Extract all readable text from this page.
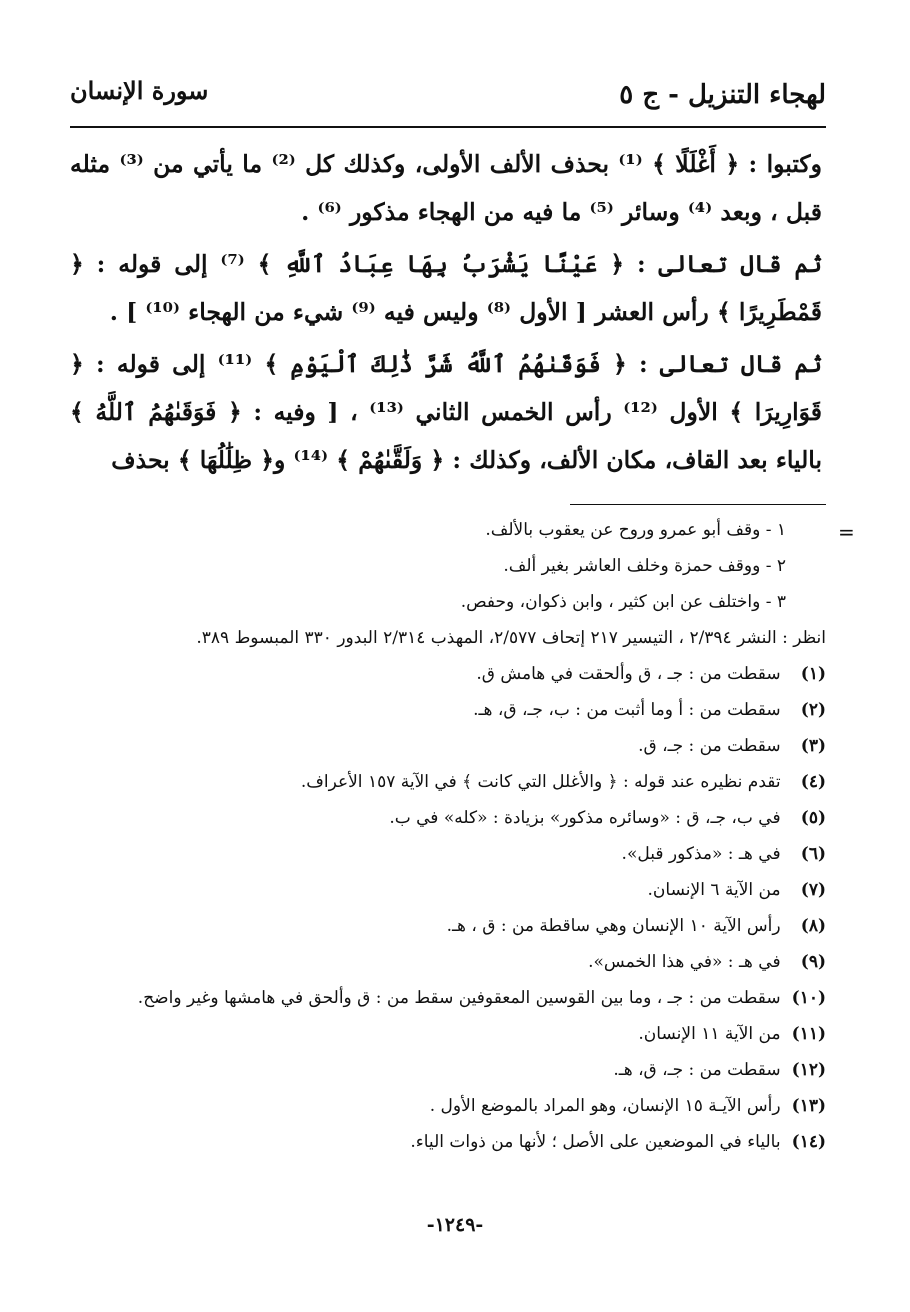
لهجاء التنزيل - ج ٥
سورة الإنسان

وكتبوا : ﴿ أَغْلَلًا ﴾ ⁽¹⁾ بحذف الألف الأولى، وكذلك كل ⁽²⁾ ما يأتي من ⁽³⁾ مثله قبل ، وبعد ⁽⁴⁾ وسائر ⁽⁵⁾ ما فيه من الهجاء مذكور ⁽⁶⁾ .

ثم قال تعالى : ﴿ عَيْنًا يَشْرَبُ بِهَا عِبَادُ ٱللَّهِ ﴾ ⁽⁷⁾ إلى قوله : ﴿ قَمْطَرِيرًا ﴾ رأس العشر [ الأول ⁽⁸⁾ وليس فيه ⁽⁹⁾ شيء من الهجاء ⁽¹⁰⁾ ] .

ثم قال تعالى : ﴿ فَوَقَىٰهُمُ ٱللَّهُ شَرَّ ذَٰلِكَ ٱلْيَوْمِ ﴾ ⁽¹¹⁾ إلى قوله : ﴿ قَوَارِيرَا ﴾ الأول ⁽¹²⁾ رأس الخمس الثاني ⁽¹³⁾ ، [ وفيه : ﴿ فَوَقَىٰهُمُ ٱللَّهُ ﴾ بالياء بعد القاف، مكان الألف، وكذلك : ﴿ وَلَقَّىٰهُمْ ﴾ ⁽¹⁴⁾ و﴿ ظِلَٰلُهَا ﴾ بحذف

=
١ - وقف أبو عمرو وروح عن يعقوب بالألف.
٢ - ووقف حمزة وخلف العاشر بغير ألف.
٣ - واختلف عن ابن كثير ، وابن ذكوان، وحفص.
انظر : النشر ٢/٣٩٤ ، التيسير ٢١٧ إتحاف ٢/٥٧٧، المهذب ٢/٣١٤ البدور ٣٣٠ المبسوط ٣٨٩.
(١) سقطت من : جـ ، ق وألحقت في هامش ق.
(٢) سقطت من : أ وما أثبت من : ب، جـ، ق، هـ.
(٣) سقطت من : جـ، ق.
(٤) تقدم نظيره عند قوله : ﴿ والأغلل التي كانت ﴾ في الآية ١٥٧ الأعراف.
(٥) في ب، جـ، ق : «وسائره مذكور» بزيادة : «كله» في ب.
(٦) في هـ : «مذكور قبل».
(٧) من الآية ٦ الإنسان.
(٨) رأس الآية ١٠ الإنسان وهي ساقطة من : ق ، هـ.
(٩) في هـ : «في هذا الخمس».
(١٠) سقطت من : جـ ، وما بين القوسين المعقوفين سقط من : ق وألحق في هامشها وغير واضح.
(١١) من الآية ١١ الإنسان.
(١٢) سقطت من : جـ، ق، هـ.
(١٣) رأس الآيـة ١٥ الإنسان، وهو المراد بالموضع الأول .
(١٤) بالياء في الموضعين على الأصل ؛ لأنها من ذوات الياء.
-١٢٤٩-
